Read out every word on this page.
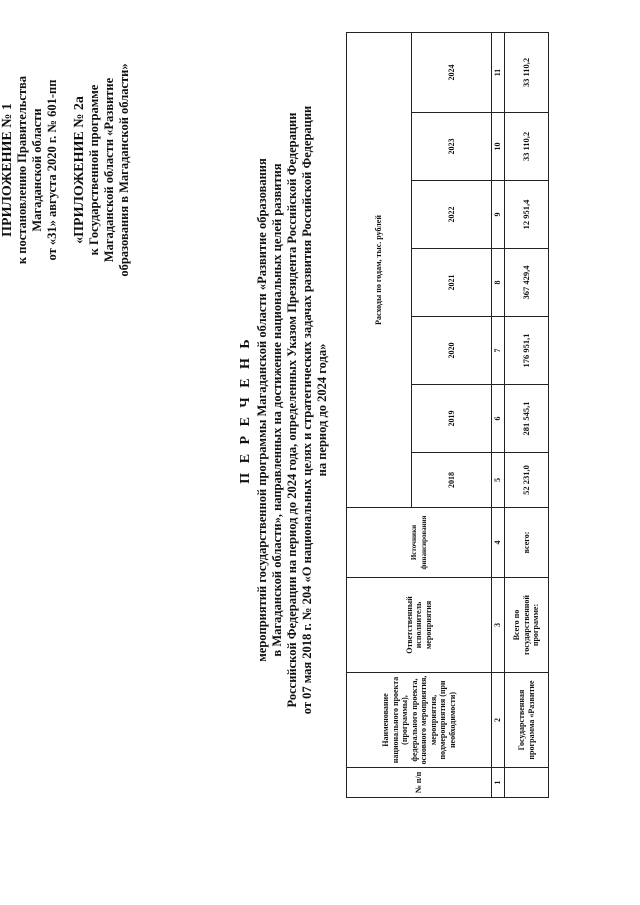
ПРИЛОЖЕНИЕ № 1 к постановлению Правительства Магаданской области от «31» августа 2020 г. № 601-пп «ПРИЛОЖЕНИЕ № 2а к Государственной программе Магаданской области «Развитие образования в Магаданской области»
П Е Р Е Ч Е Н Ь мероприятий государственной программы Магаданской области «Развитие образования в Магаданской области», направленных на достижение национальных целей развития Российской Федерации на период до 2024 года, определенных Указом Президента Российской Федерации от 07 мая 2018 г. № 204 «О национальных целях и стратегических задачах развития Российской Федерации на период до 2024 года»
№ п/п	Наименование национального проекта (программы), федерального проекта, основного мероприятия, мероприятия, подмероприятия (при необходимости)	Ответственный исполнитель мероприятия	Источники финансирования	Расходы по годам, тыс. рублей						
				2018	2019	2020	2021	2022	2023	2024
1	2	3	4	5	6	7	8	9	10	11
	Государственная программа «Развитие	Всего по государственной программе:	всего:	52 231,0	281 545,1	176 951,1	367 429,4	12 951,4	33 110,2	33 110,2
